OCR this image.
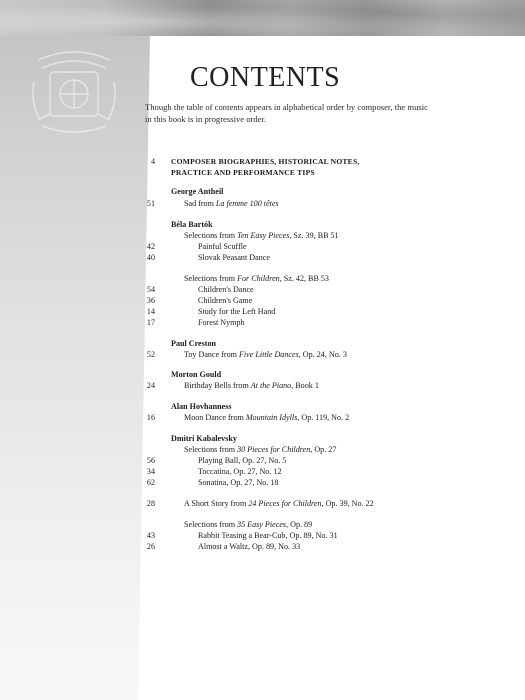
CONTENTS
Though the table of contents appears in alphabetical order by composer, the music
in this book is in progressive order.
4 COMPOSER BIOGRAPHIES, HISTORICAL NOTES,
PRACTICE AND PERFORMANCE TIPS
George Antheil
51	Sad from La femme 100 têtes
Béla Bartók
Selections from Ten Easy Pieces, Sz. 39, BB 51
42	Painful Scuffle
40	Slovak Peasant Dance
Selections from For Children, Sz. 42, BB 53
54	Children's Dance
36	Children's Game
14	Study for the Left Hand
17	Forest Nymph
Paul Creston
52	Toy Dance from Five Little Dances, Op. 24, No. 3
Morton Gould
24	Birthday Bells from At the Piano, Book 1
Alan Hovhanness
16	Moon Dance from Mountain Idylls, Op. 119, No. 2
Dmitri Kabalevsky
Selections from 30 Pieces for Children, Op. 27
56	Playing Ball, Op. 27, No. 5
34	Toccatina, Op. 27, No. 12
62	Sonatina, Op. 27, No. 18
28	A Short Story from 24 Pieces for Children, Op. 39, No. 22
Selections from 35 Easy Pieces, Op. 89
43	Rabbit Teasing a Bear-Cub, Op. 89, No. 31
26	Almost a Waltz, Op. 89, No. 33
